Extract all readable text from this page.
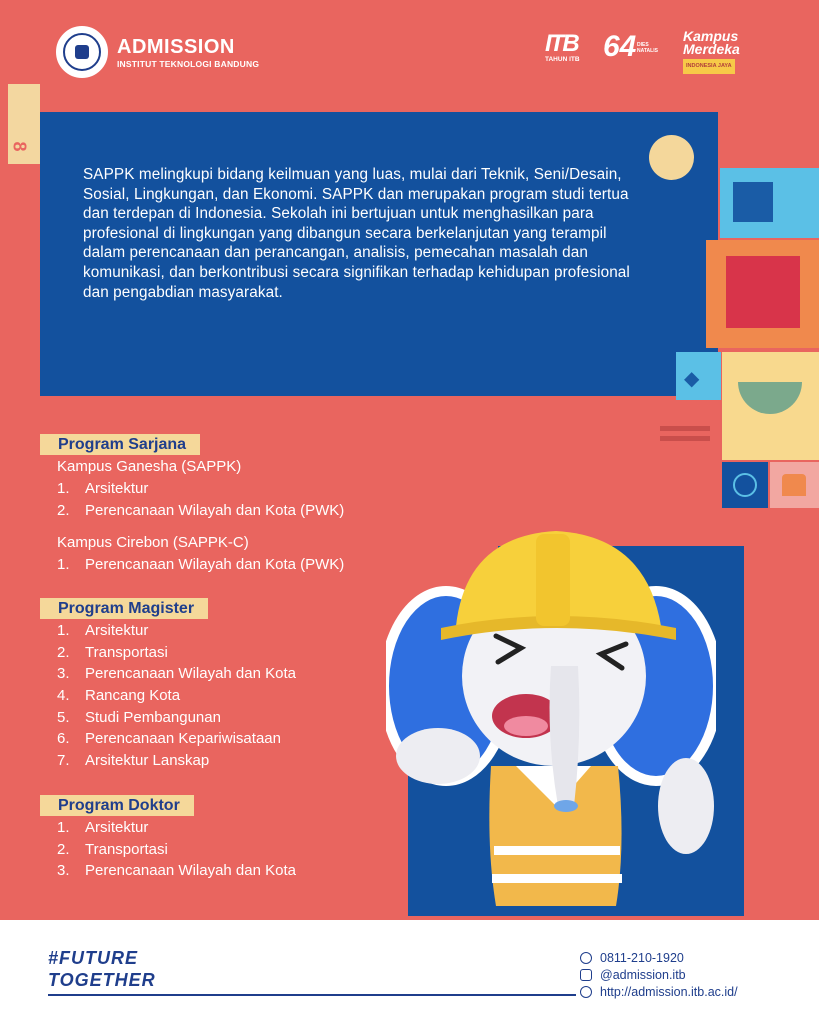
ADMISSION
INSTITUT TEKNOLOGI BANDUNG
ITB
TAHUN ITB 64 DIES NATALIS
Kampus
Merdeka
INDONESIA JAYA
8
SAPPK melingkupi bidang keilmuan yang luas, mulai dari Teknik, Seni/Desain, Sosial, Lingkungan, dan Ekonomi. SAPPK dan merupakan program studi tertua dan terdepan di Indonesia. Sekolah ini bertujuan untuk menghasilkan para profesional di lingkungan yang dibangun secara berkelanjutan yang terampil dalam perencanaan dan perancangan, analisis, pemecahan masalah dan komunikasi, dan berkontribusi secara signifikan terhadap kehidupan profesional dan pengabdian masyarakat.
◆
Program Sarjana
Kampus Ganesha (SAPPK)
1. Arsitektur
2. Perencanaan Wilayah dan Kota (PWK)
Kampus Cirebon (SAPPK-C)
1. Perencanaan Wilayah dan Kota (PWK)
Program Magister
1. Arsitektur
2. Transportasi
3. Perencanaan Wilayah dan Kota
4. Rancang Kota
5. Studi Pembangunan
6. Perencanaan Kepariwisataan
7. Arsitektur Lanskap
Program Doktor
1. Arsitektur
2. Transportasi
3. Perencanaan Wilayah dan Kota
#FUTURE
TOGETHER
0811-210-1920
@admission.itb
http://admission.itb.ac.id/
